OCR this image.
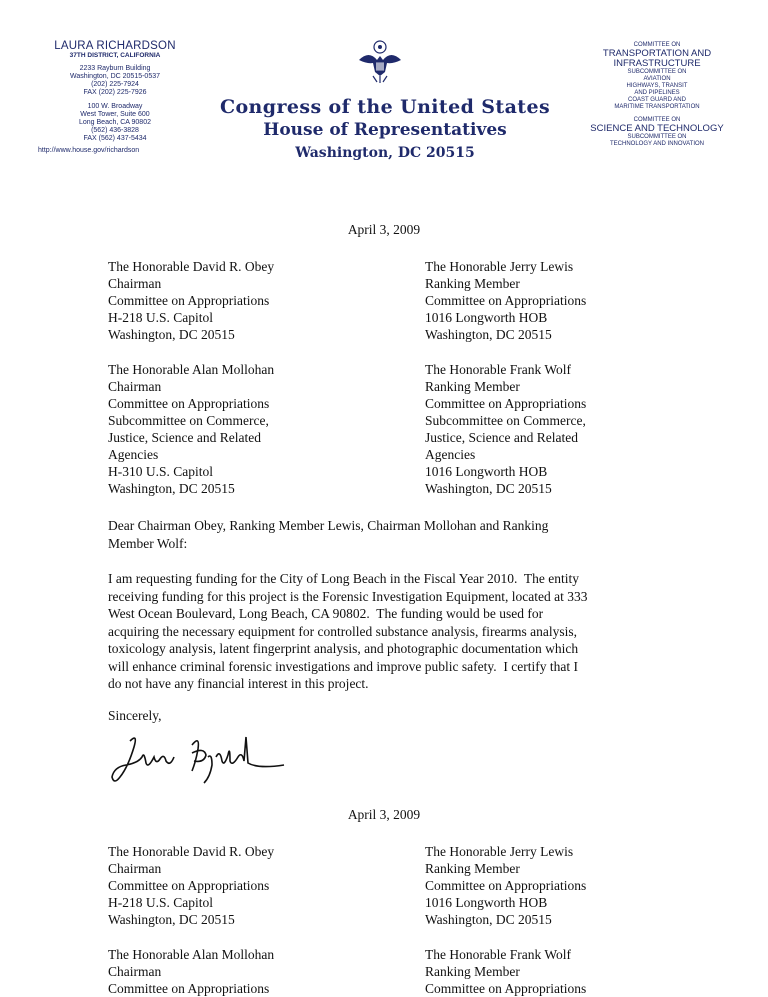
LAURA RICHARDSON
37TH DISTRICT, CALIFORNIA
2233 Rayburn Building
Washington, DC 20515-0537
(202) 225-7924
FAX (202) 225-7926
100 W. Broadway
West Tower, Suite 600
Long Beach, CA 90802
(562) 436-3828
FAX (562) 437-5434
http://www.house.gov/richardson
Congress of the United States
House of Representatives
Washington, DC 20515
COMMITTEE ON
TRANSPORTATION AND INFRASTRUCTURE
SUBCOMMITTEE ON
AVIATION
HIGHWAYS, TRANSIT
AND PIPELINES
COAST GUARD AND
MARITIME TRANSPORTATION
COMMITTEE ON
SCIENCE AND TECHNOLOGY
SUBCOMMITTEE ON
TECHNOLOGY AND INNOVATION
April 3, 2009
The Honorable David R. Obey
Chairman
Committee on Appropriations
H-218 U.S. Capitol
Washington, DC 20515
The Honorable Jerry Lewis
Ranking Member
Committee on Appropriations
1016 Longworth HOB
Washington, DC 20515
The Honorable Alan Mollohan
Chairman
Committee on Appropriations
Subcommittee on Commerce,
Justice, Science and Related
Agencies
H-310 U.S. Capitol
Washington, DC 20515
The Honorable Frank Wolf
Ranking Member
Committee on Appropriations
Subcommittee on Commerce,
Justice, Science and Related
Agencies
1016 Longworth HOB
Washington, DC 20515
Dear Chairman Obey, Ranking Member Lewis, Chairman Mollohan and Ranking
Member Wolf:
I am requesting funding for the City of Long Beach in the Fiscal Year 2010.  The entity
receiving funding for this project is the Forensic Investigation Equipment, located at 333
West Ocean Boulevard, Long Beach, CA 90802.  The funding would be used for
acquiring the necessary equipment for controlled substance analysis, firearms analysis,
toxicology analysis, latent fingerprint analysis, and photographic documentation which
will enhance criminal forensic investigations and improve public safety.  I certify that I
do not have any financial interest in this project.
Sincerely,
April 3, 2009
The Honorable David R. Obey
Chairman
Committee on Appropriations
H-218 U.S. Capitol
Washington, DC 20515
The Honorable Jerry Lewis
Ranking Member
Committee on Appropriations
1016 Longworth HOB
Washington, DC 20515
The Honorable Alan Mollohan
Chairman
Committee on Appropriations
The Honorable Frank Wolf
Ranking Member
Committee on Appropriations
